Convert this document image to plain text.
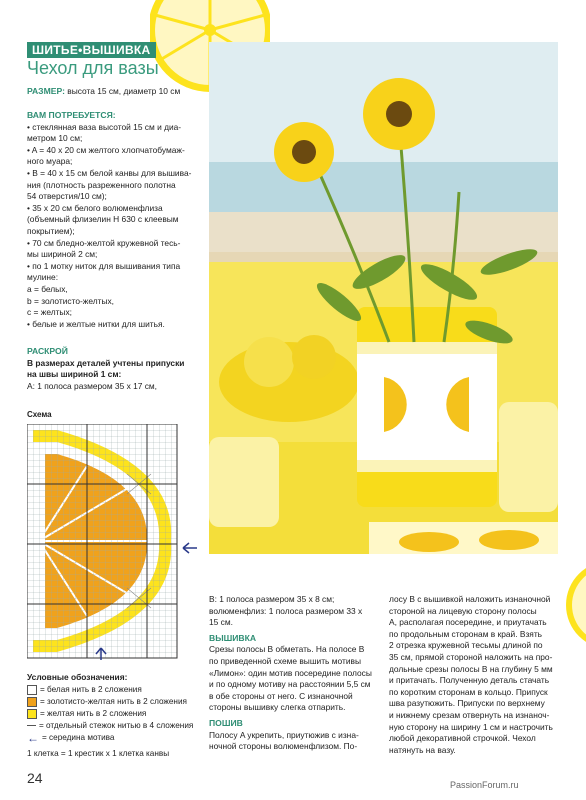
ШИТЬЕ•ВЫШИВКА
Чехол для вазы
РАЗМЕР: высота 15 см, диаметр 10 см
ВАМ ПОТРЕБУЕТСЯ:
• стеклянная ваза высотой 15 см и диа-
метром 10 см;
• A = 40 х 20 см желтого хлопчатобумаж-
ного муара;
• B = 40 х 15 см белой канвы для вышива-
ния (плотность разреженного полотна
54 отверстия/10 см);
• 35 х 20 см белого волюменфлиза
(объемный флизелин Н 630 с клеевым
покрытием);
• 70 см бледно-желтой кружевной тесь-
мы шириной 2 см;
• по 1 мотку ниток для вышивания типа
мулине:
a = белых,
b = золотисто-желтых,
c = желтых;
• белые и желтые нитки для шитья.
РАСКРОЙ
В размерах деталей учтены припуски
на швы шириной 1 см:
A: 1 полоса размером 35 х 17 см,
Схема
Условные обозначения:
= белая нить в 2 сложения
= золотисто-желтая нить в 2 сложения
= желтая нить в 2 сложения
= отдельный стежок нитью в 4 сложения
← = середина мотива
1 клетка = 1 крестик х 1 клетка канвы
B: 1 полоса размером 35 х 8 см;
волюменфлиз: 1 полоса размером 33 х
15 см.
ВЫШИВКА
Срезы полосы B обметать. На полосе B
по приведенной схеме вышить мотивы
«Лимон»: один мотив посередине полосы
и по одному мотиву на расстоянии 5,5 см
в обе стороны от него. С изнаночной
стороны вышивку слегка отпарить.
ПОШИВ
Полосу A укрепить, приутюжив с изна-
ночной стороны волюменфлизом. По-
лосу B с вышивкой наложить изнаночной
стороной на лицевую сторону полосы
A, располагая посередине, и приутачать
по продольным сторонам в край. Взять
2 отрезка кружевной тесьмы длиной по
35 см, прямой стороной наложить на про-
дольные срезы полосы B на глубину 5 мм
и притачать. Полученную деталь стачать
по коротким сторонам в кольцо. Припуск
шва разутюжить. Припуски по верхнему
и нижнему срезам отвернуть на изнаноч-
ную сторону на ширину 1 см и настрочить
любой декоративной строчкой. Чехол
натянуть на вазу.
24	PassionForum.ru
